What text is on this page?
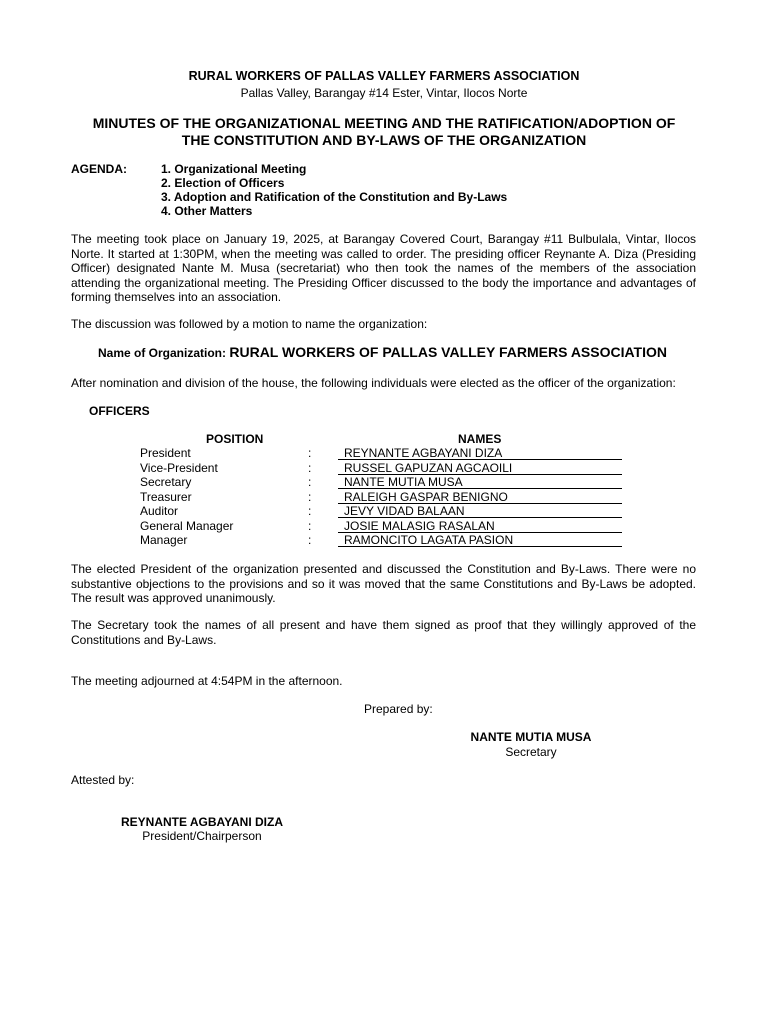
RURAL WORKERS OF PALLAS VALLEY FARMERS ASSOCIATION
Pallas Valley, Barangay #14 Ester, Vintar, Ilocos Norte
MINUTES OF THE ORGANIZATIONAL MEETING AND THE RATIFICATION/ADOPTION OF
THE CONSTITUTION AND BY-LAWS OF THE ORGANIZATION
AGENDA:	1. Organizational Meeting
2. Election of Officers
3. Adoption and Ratification of the Constitution and By-Laws
4. Other Matters

The meeting took place on January 19, 2025, at Barangay Covered Court, Barangay #11 Bulbulala, Vintar, Ilocos Norte. It started at 1:30PM, when the meeting was called to order. The presiding officer Reynante A. Diza (Presiding Officer) designated Nante M. Musa (secretariat) who then took the names of the members of the association attending the organizational meeting. The Presiding Officer discussed to the body the importance and advantages of forming themselves into an association.

The discussion was followed by a motion to name the organization:

Name of Organization: RURAL WORKERS OF PALLAS VALLEY FARMERS ASSOCIATION

After nomination and division of the house, the following individuals were elected as the officer of the organization:

OFFICERS
POSITION	NAMES
President	:	REYNANTE AGBAYANI DIZA
Vice-President	:	RUSSEL GAPUZAN AGCAOILI
Secretary	:	NANTE MUTIA MUSA
Treasurer	:	RALEIGH GASPAR BENIGNO
Auditor	:	JEVY VIDAD BALAAN
General Manager	:	JOSIE MALASIG RASALAN
Manager	:	RAMONCITO LAGATA PASION

The elected President of the organization presented and discussed the Constitution and By-Laws. There were no substantive objections to the provisions and so it was moved that the same Constitutions and By-Laws be adopted. The result was approved unanimously.

The Secretary took the names of all present and have them signed as proof that they willingly approved of the Constitutions and By-Laws.

The meeting adjourned at 4:54PM in the afternoon.

Prepared by:
NANTE MUTIA MUSA
Secretary
Attested by:
REYNANTE AGBAYANI DIZA
President/Chairperson
